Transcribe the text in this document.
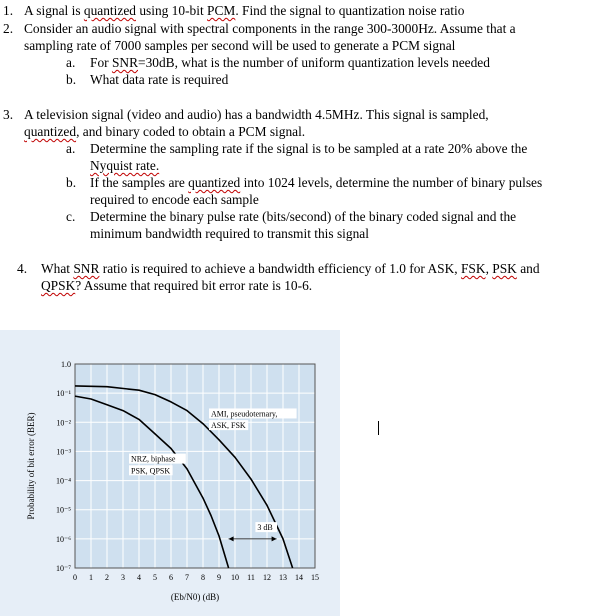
1. A signal is quantized using 10-bit PCM. Find the signal to quantization noise ratio
2. Consider an audio signal with spectral components in the range 300-3000Hz. Assume that a
sampling rate of 7000 samples per second will be used to generate a PCM signal
a. For SNR=30dB, what is the number of uniform quantization levels needed
b. What data rate is required
3. A television signal (video and audio) has a bandwidth 4.5MHz. This signal is sampled,
quantized, and binary coded to obtain a PCM signal.
a. Determine the sampling rate if the signal is to be sampled at a rate 20% above the
Nyquist rate.
b. If the samples are quantized into 1024 levels, determine the number of binary pulses
required to encode each sample
c. Determine the binary pulse rate (bits/second) of the binary coded signal and the
minimum bandwidth required to transmit this signal
4. What SNR ratio is required to achieve a bandwidth efficiency of 1.0 for ASK, FSK, PSK and
QPSK? Assume that required bit error rate is 10-6.
1.0
10⁻¹
10⁻²
10⁻³
10⁻⁴
10⁻⁵
10⁻⁶
10⁻⁷
0 1 2 3 4 5 6 7 8 9 10 11 12 13 14 15
AMI, pseudoternary,
ASK, FSK
NRZ, biphase
PSK, QPSK
3 dB
(Eb/N0) (dB)
Probability of bit error (BER)
